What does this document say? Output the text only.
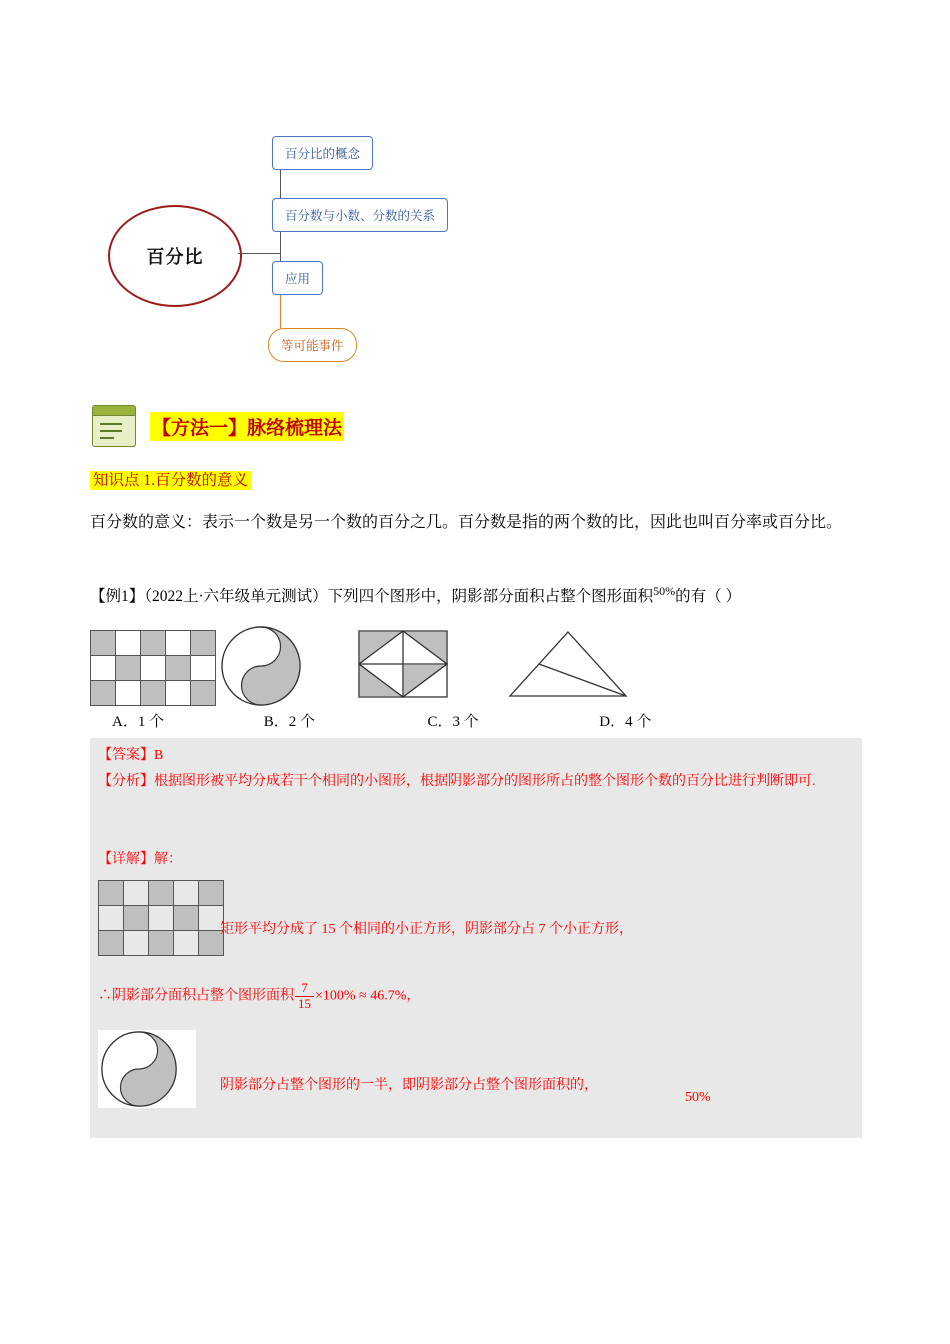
百分比
百分比的概念
百分数与小数、分数的关系
应用
等可能事件
【方法一】脉络梳理法
知识点 1.百分数的意义
百分数的意义：表示一个数是另一个数的百分之几。百分数是指的两个数的比，因此也叫百分率或百分比。
【例1】（2022上·六年级单元测试）下列四个图形中，阴影部分面积占整个图形面积$^{50\%}$的有（ ）

A．1 个	B．2 个	C．3 个	D．4 个
【答案】B
【分析】根据图形被平均分成若干个相同的小图形，根据阴影部分的图形所占的整个图形个数的百分比进行判断即可.
【详解】解：

矩形平均分成了 15 个相同的小正方形，阴影部分占 7 个小正方形，
∴阴影部分面积占整个图形面积 $\frac{7}{15} \times 100\% \approx 46.7\%$，
阴影部分占整个图形的一半，即阴影部分占整个图形面积的，
50%
